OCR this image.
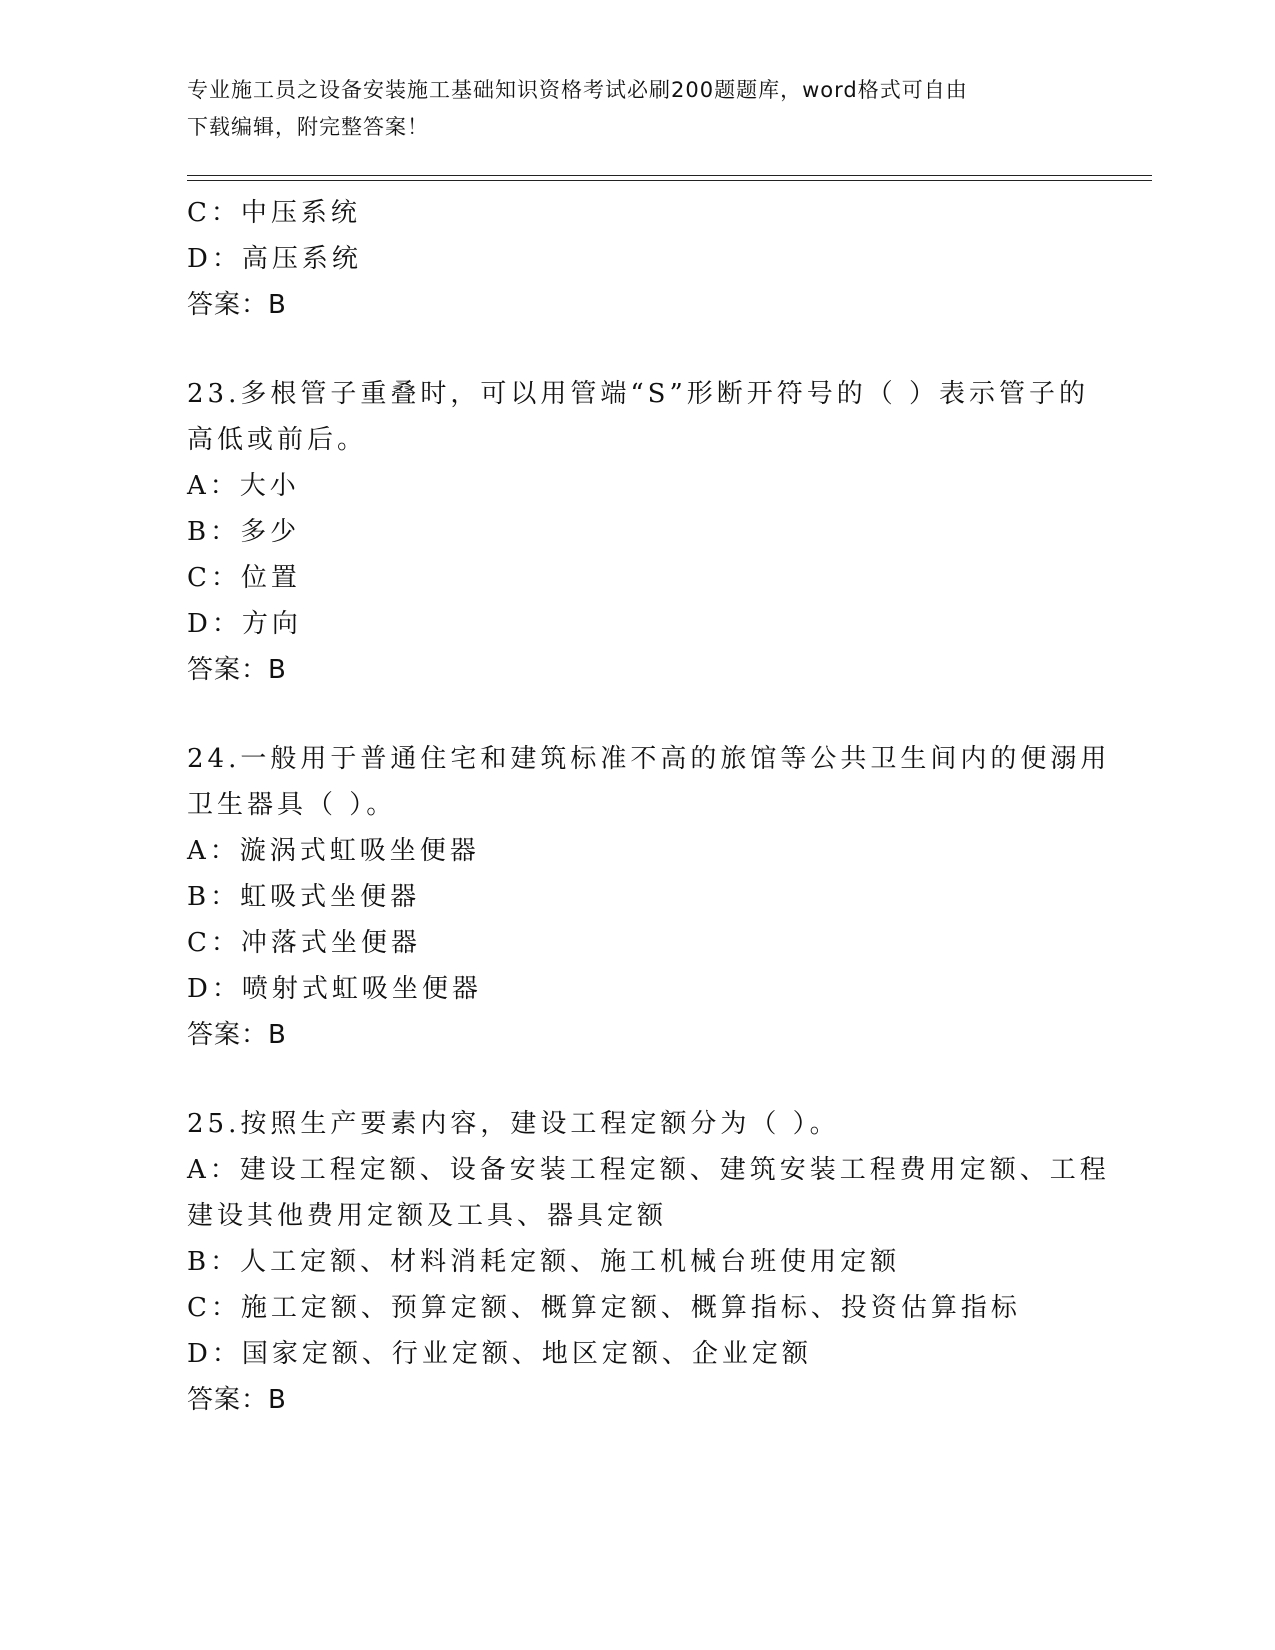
专业施工员之设备安装施工基础知识资格考试必刷200题题库，word格式可自由
下载编辑，附完整答案！
C：中压系统
D：高压系统
答案：B
23.多根管子重叠时，可以用管端“S”形断开符号的（ ）表示管子的
高低或前后。
A：大小
B：多少
C：位置
D：方向
答案：B
24.一般用于普通住宅和建筑标准不高的旅馆等公共卫生间内的便溺用
卫生器具（ ）。
A：漩涡式虹吸坐便器
B：虹吸式坐便器
C：冲落式坐便器
D：喷射式虹吸坐便器
答案：B
25.按照生产要素内容，建设工程定额分为（ ）。
A：建设工程定额、设备安装工程定额、建筑安装工程费用定额、工程
建设其他费用定额及工具、器具定额
B：人工定额、材料消耗定额、施工机械台班使用定额
C：施工定额、预算定额、概算定额、概算指标、投资估算指标
D：国家定额、行业定额、地区定额、企业定额
答案：B
